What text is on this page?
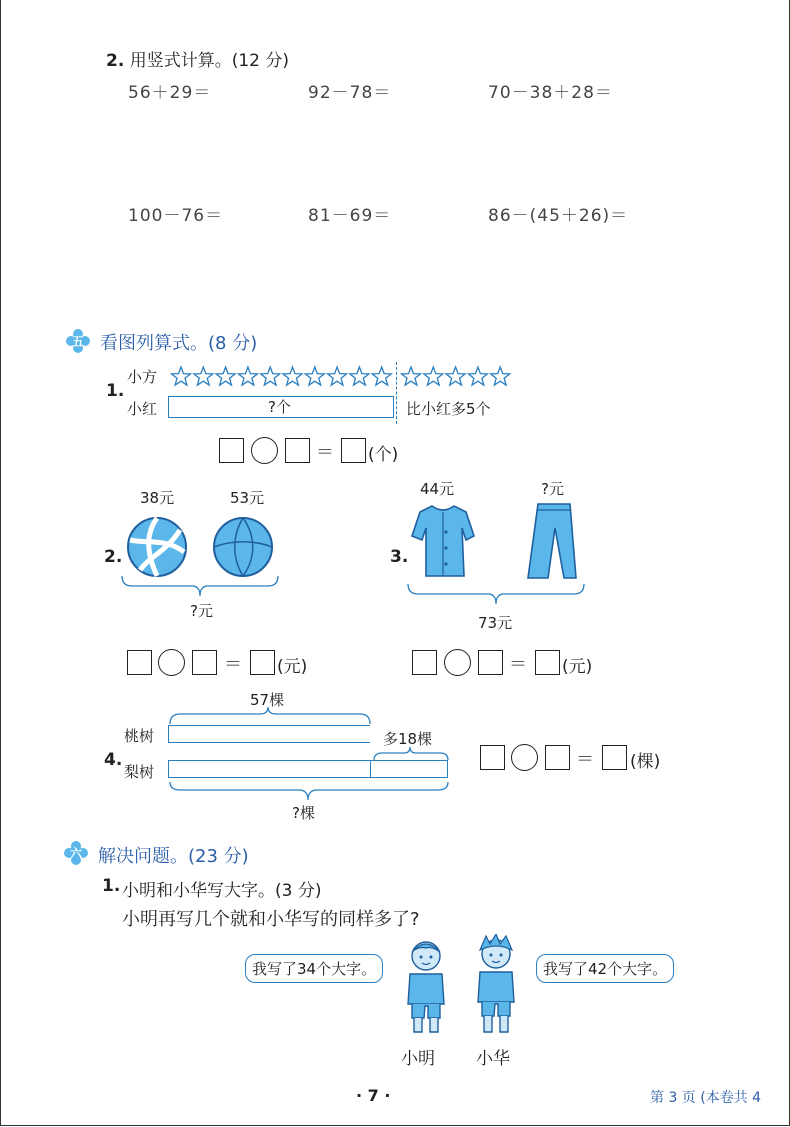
2. 用竖式计算。(12 分)
56＋29＝	92－78＝	70－38＋28＝
100－76＝	81－69＝	86－(45＋26)＝
五 看图列算式。(8 分)
1.
小方
小红	?个	比小红多5个
＝ (个)
38元	53元
2.
?元
＝ (元)
44元	?元
3.
73元
＝ (元)
57棵
桃树	多18棵
4.
梨树
?棵
＝ (棵)
六 解决问题。(23 分)
1. 小明和小华写大字。(3 分)
小明再写几个就和小华写的同样多了?
我写了34个大字。	我写了42个大字。
小明 小华
· 7 ·	第 3 页 (本卷共 4
